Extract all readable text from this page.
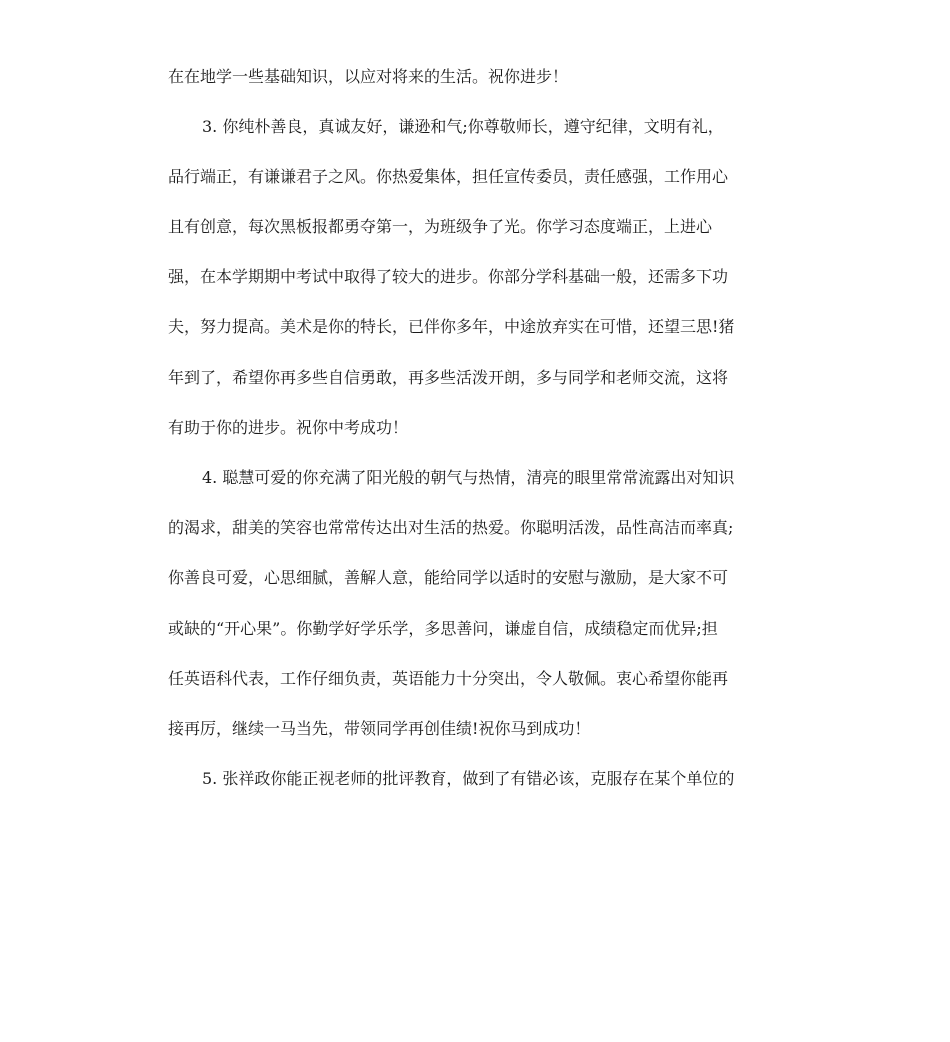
在在地学一些基础知识，以应对将来的生活。祝你进步！
3. 你纯朴善良，真诚友好，谦逊和气;你尊敬师长，遵守纪律，文明有礼，
品行端正，有谦谦君子之风。你热爱集体，担任宣传委员，责任感强，工作用心
且有创意，每次黑板报都勇夺第一，为班级争了光。你学习态度端正，上进心
强，在本学期期中考试中取得了较大的进步。你部分学科基础一般，还需多下功
夫，努力提高。美术是你的特长，已伴你多年，中途放弃实在可惜，还望三思!猪
年到了，希望你再多些自信勇敢，再多些活泼开朗，多与同学和老师交流，这将
有助于你的进步。祝你中考成功！
4. 聪慧可爱的你充满了阳光般的朝气与热情，清亮的眼里常常流露出对知识
的渴求，甜美的笑容也常常传达出对生活的热爱。你聪明活泼，品性高洁而率真;
你善良可爱，心思细腻，善解人意，能给同学以适时的安慰与激励，是大家不可
或缺的“开心果”。你勤学好学乐学，多思善问，谦虚自信，成绩稳定而优异;担
任英语科代表，工作仔细负责，英语能力十分突出，令人敬佩。衷心希望你能再
接再厉，继续一马当先，带领同学再创佳绩!祝你马到成功！
5. 张祥政你能正视老师的批评教育，做到了有错必该，克服存在某个单位的
